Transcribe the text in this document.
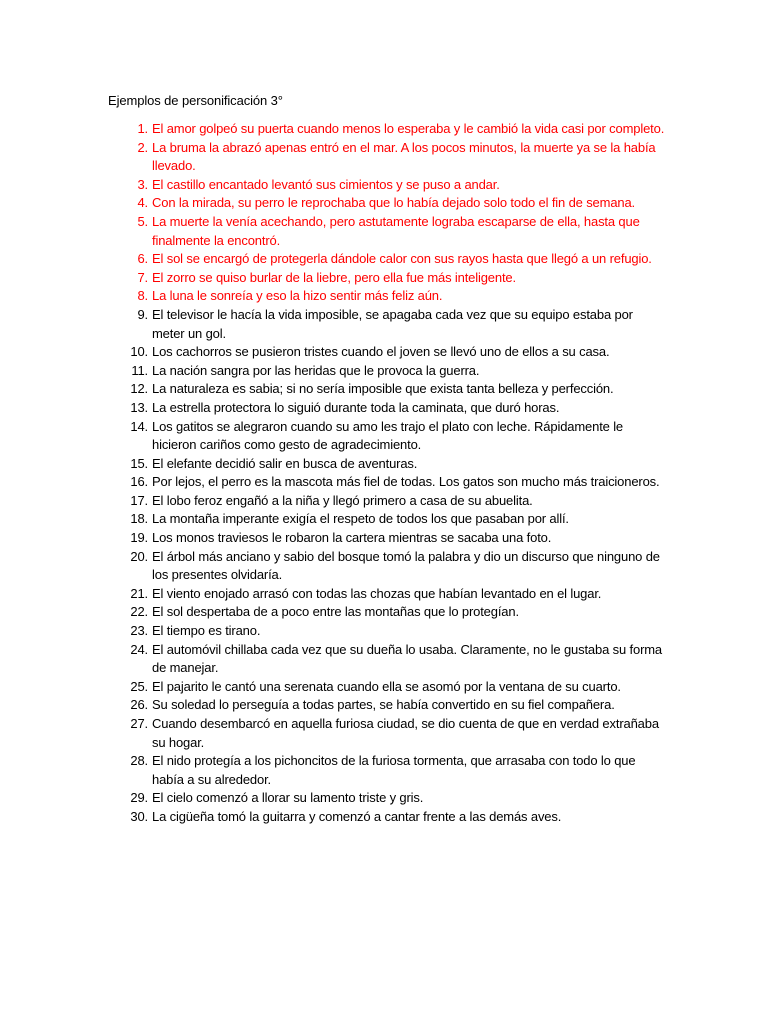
Ejemplos de personificación 3°
1. El amor golpeó su puerta cuando menos lo esperaba y le cambió la vida casi por completo.
2. La bruma la abrazó apenas entró en el mar. A los pocos minutos, la muerte ya se la había llevado.
3. El castillo encantado levantó sus cimientos y se puso a andar.
4. Con la mirada, su perro le reprochaba que lo había dejado solo todo el fin de semana.
5. La muerte la venía acechando, pero astutamente lograba escaparse de ella, hasta que finalmente la encontró.
6. El sol se encargó de protegerla dándole calor con sus rayos hasta que llegó a un refugio.
7. El zorro se quiso burlar de la liebre, pero ella fue más inteligente.
8. La luna le sonreía y eso la hizo sentir más feliz aún.
9. El televisor le hacía la vida imposible, se apagaba cada vez que su equipo estaba por meter un gol.
10. Los cachorros se pusieron tristes cuando el joven se llevó uno de ellos a su casa.
11. La nación sangra por las heridas que le provoca la guerra.
12. La naturaleza es sabia; si no sería imposible que exista tanta belleza y perfección.
13. La estrella protectora lo siguió durante toda la caminata, que duró horas.
14. Los gatitos se alegraron cuando su amo les trajo el plato con leche. Rápidamente le hicieron cariños como gesto de agradecimiento.
15. El elefante decidió salir en busca de aventuras.
16. Por lejos, el perro es la mascota más fiel de todas. Los gatos son mucho más traicioneros.
17. El lobo feroz engañó a la niña y llegó primero a casa de su abuelita.
18. La montaña imperante exigía el respeto de todos los que pasaban por allí.
19. Los monos traviesos le robaron la cartera mientras se sacaba una foto.
20. El árbol más anciano y sabio del bosque tomó la palabra y dio un discurso que ninguno de los presentes olvidaría.
21. El viento enojado arrasó con todas las chozas que habían levantado en el lugar.
22. El sol despertaba de a poco entre las montañas que lo protegían.
23. El tiempo es tirano.
24. El automóvil chillaba cada vez que su dueña lo usaba. Claramente, no le gustaba su forma de manejar.
25. El pajarito le cantó una serenata cuando ella se asomó por la ventana de su cuarto.
26. Su soledad lo perseguía a todas partes, se había convertido en su fiel compañera.
27. Cuando desembarcó en aquella furiosa ciudad, se dio cuenta de que en verdad extrañaba su hogar.
28. El nido protegía a los pichoncitos de la furiosa tormenta, que arrasaba con todo lo que había a su alrededor.
29. El cielo comenzó a llorar su lamento triste y gris.
30. La cigüeña tomó la guitarra y comenzó a cantar frente a las demás aves.
